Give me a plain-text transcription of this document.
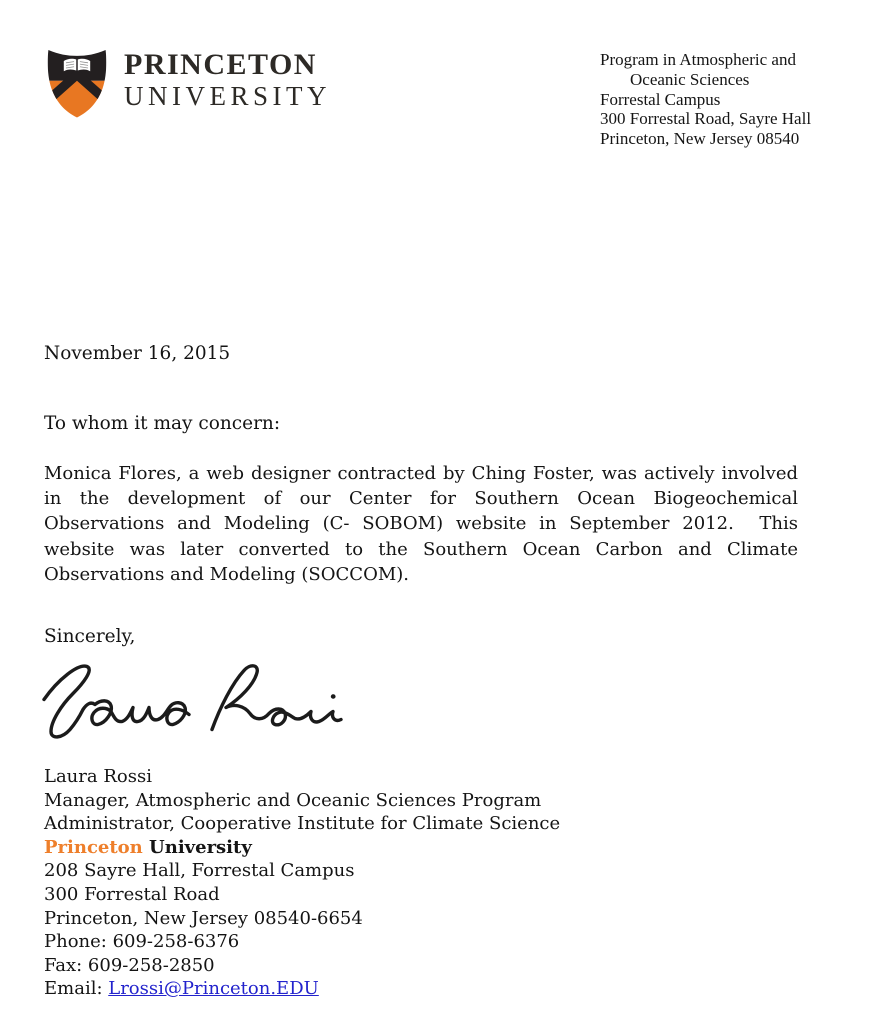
PRINCETON
UNIVERSITY
Program in Atmospheric and
Oceanic Sciences
Forrestal Campus
300 Forrestal Road, Sayre Hall
Princeton, New Jersey 08540
November 16, 2015
To whom it may concern:

Monica Flores, a web designer contracted by Ching Foster, was actively involved in the development of our Center for Southern Ocean Biogeochemical Observations and Modeling (C- SOBOM) website in September 2012.  This website was later converted to the Southern Ocean Carbon and Climate Observations and Modeling (SOCCOM).

Sincerely,
Laura Rossi
Manager, Atmospheric and Oceanic Sciences Program
Administrator, Cooperative Institute for Climate Science
Princeton University
208 Sayre Hall, Forrestal Campus
300 Forrestal Road
Princeton, New Jersey 08540-6654
Phone: 609-258-6376
Fax: 609-258-2850
Email: Lrossi@Princeton.EDU
